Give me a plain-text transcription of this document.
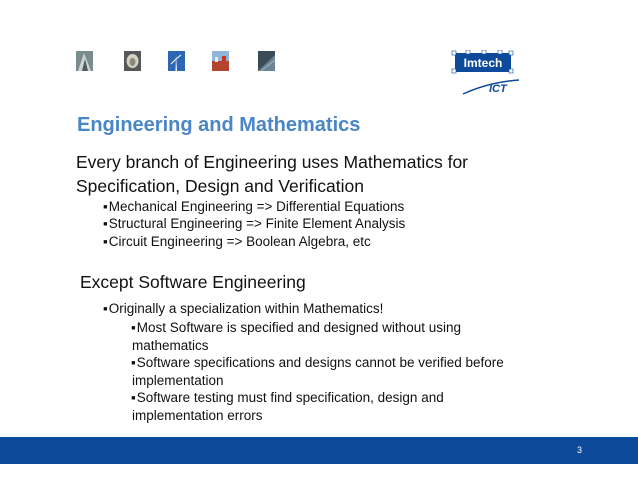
Imtech
ICT
Engineering and Mathematics
Every branch of Engineering uses Mathematics for
Specification, Design and Verification
▪ Mechanical Engineering => Differential Equations
▪ Structural Engineering => Finite Element Analysis
▪ Circuit Engineering => Boolean Algebra, etc
Except Software Engineering
▪ Originally a specialization within Mathematics!
▪ Most Software is specified and designed without using
mathematics
▪ Software specifications and designs cannot be verified before
implementation
▪ Software testing must find specification, design and
implementation errors
3
